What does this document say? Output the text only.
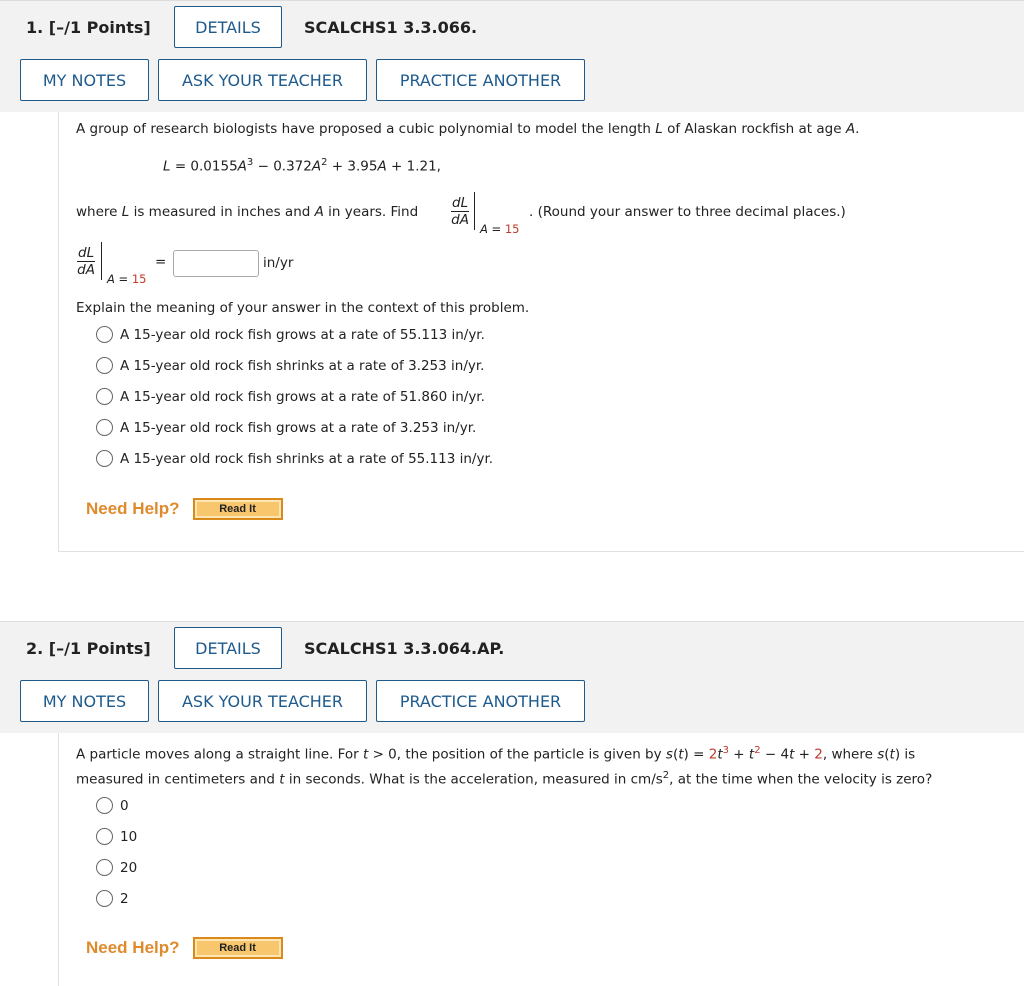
1. [–/1 Points]	DETAILS	SCALCHS1 3.3.066.
MY NOTES	ASK YOUR TEACHER	PRACTICE ANOTHER
A group of research biologists have proposed a cubic polynomial to model the length L of Alaskan rockfish at age A.
$L = 0.0155A^3 - 0.372A^2 + 3.95A + 1.21$,
where L is measured in inches and A in years. Find $\frac{dL}{dA}$
A = 15
. (Round your answer to three decimal places.)
$\frac{dL}{dA}$
A = 15
=	in/yr
Explain the meaning of your answer in the context of this problem.
A 15-year old rock fish grows at a rate of 55.113 in/yr.
A 15-year old rock fish shrinks at a rate of 3.253 in/yr.
A 15-year old rock fish grows at a rate of 51.860 in/yr.
A 15-year old rock fish grows at a rate of 3.253 in/yr.
A 15-year old rock fish shrinks at a rate of 55.113 in/yr.
Need Help?	Read It
2. [–/1 Points]	DETAILS	SCALCHS1 3.3.064.AP.
MY NOTES	ASK YOUR TEACHER	PRACTICE ANOTHER
A particle moves along a straight line. For t > 0, the position of the particle is given by $s(t) = 2t^3 + t^2 - 4t + 2$, where s(t) is
measured in centimeters and t in seconds. What is the acceleration, measured in $cm/s^2$, at the time when the velocity is zero?
0
10
20
2
Need Help?	Read It
